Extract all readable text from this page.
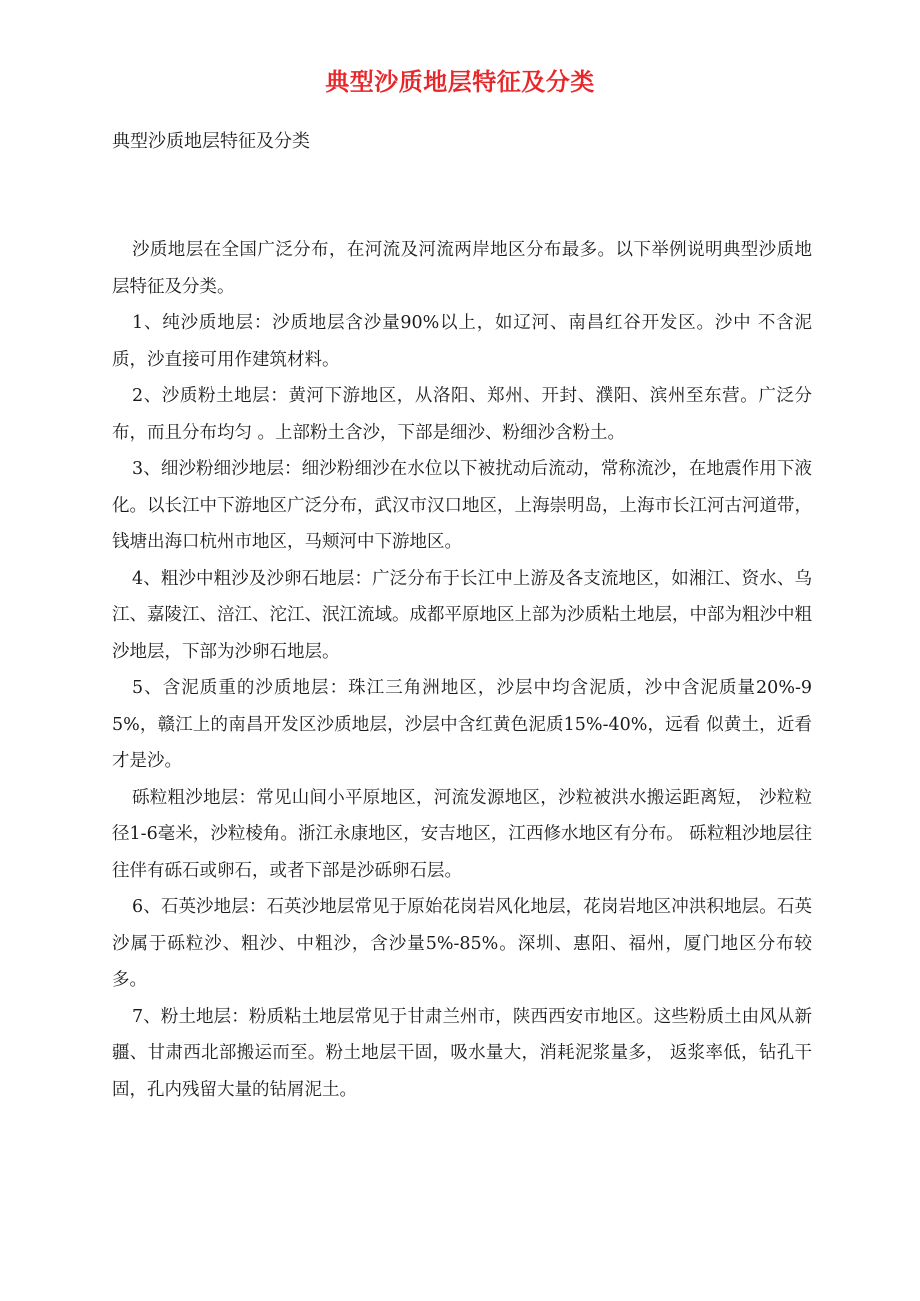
典型沙质地层特征及分类

典型沙质地层特征及分类

沙质地层在全国广泛分布，在河流及河流两岸地区分布最多。以下举例说明典型沙质地层特征及分类。

1、纯沙质地层：沙质地层含沙量90%以上，如辽河、南昌红谷开发区。沙中 不含泥质，沙直接可用作建筑材料。

2、沙质粉土地层：黄河下游地区，从洛阳、郑州、开封、濮阳、滨州至东营。广泛分布，而且分布均匀 。上部粉土含沙，下部是细沙、粉细沙含粉土。

3、细沙粉细沙地层：细沙粉细沙在水位以下被扰动后流动，常称流沙，在地震作用下液化。以长江中下游地区广泛分布，武汉市汉口地区，上海崇明岛，上海市长江河古河道带，钱塘出海口杭州市地区，马颊河中下游地区。

4、粗沙中粗沙及沙卵石地层：广泛分布于长江中上游及各支流地区，如湘江、资水、乌江、嘉陵江、涪江、沱江、泯江流域。成都平原地区上部为沙质粘土地层，中部为粗沙中粗沙地层，下部为沙卵石地层。

5、含泥质重的沙质地层：珠江三角洲地区，沙层中均含泥质，沙中含泥质量20%-95%，赣江上的南昌开发区沙质地层，沙层中含红黄色泥质15%-40%，远看 似黄土，近看才是沙。

砾粒粗沙地层：常见山间小平原地区，河流发源地区，沙粒被洪水搬运距离短， 沙粒粒径1-6毫米，沙粒棱角。浙江永康地区，安吉地区，江西修水地区有分布。 砾粒粗沙地层往往伴有砾石或卵石，或者下部是沙砾卵石层。

6、石英沙地层：石英沙地层常见于原始花岗岩风化地层，花岗岩地区冲洪积地层。石英沙属于砾粒沙、粗沙、中粗沙，含沙量5%-85%。深圳、惠阳、福州，厦门地区分布较多。

7、粉土地层：粉质粘土地层常见于甘肃兰州市，陕西西安市地区。这些粉质土由风从新疆、甘肃西北部搬运而至。粉土地层干固，吸水量大，消耗泥浆量多， 返浆率低，钻孔干固，孔内残留大量的钻屑泥土。
